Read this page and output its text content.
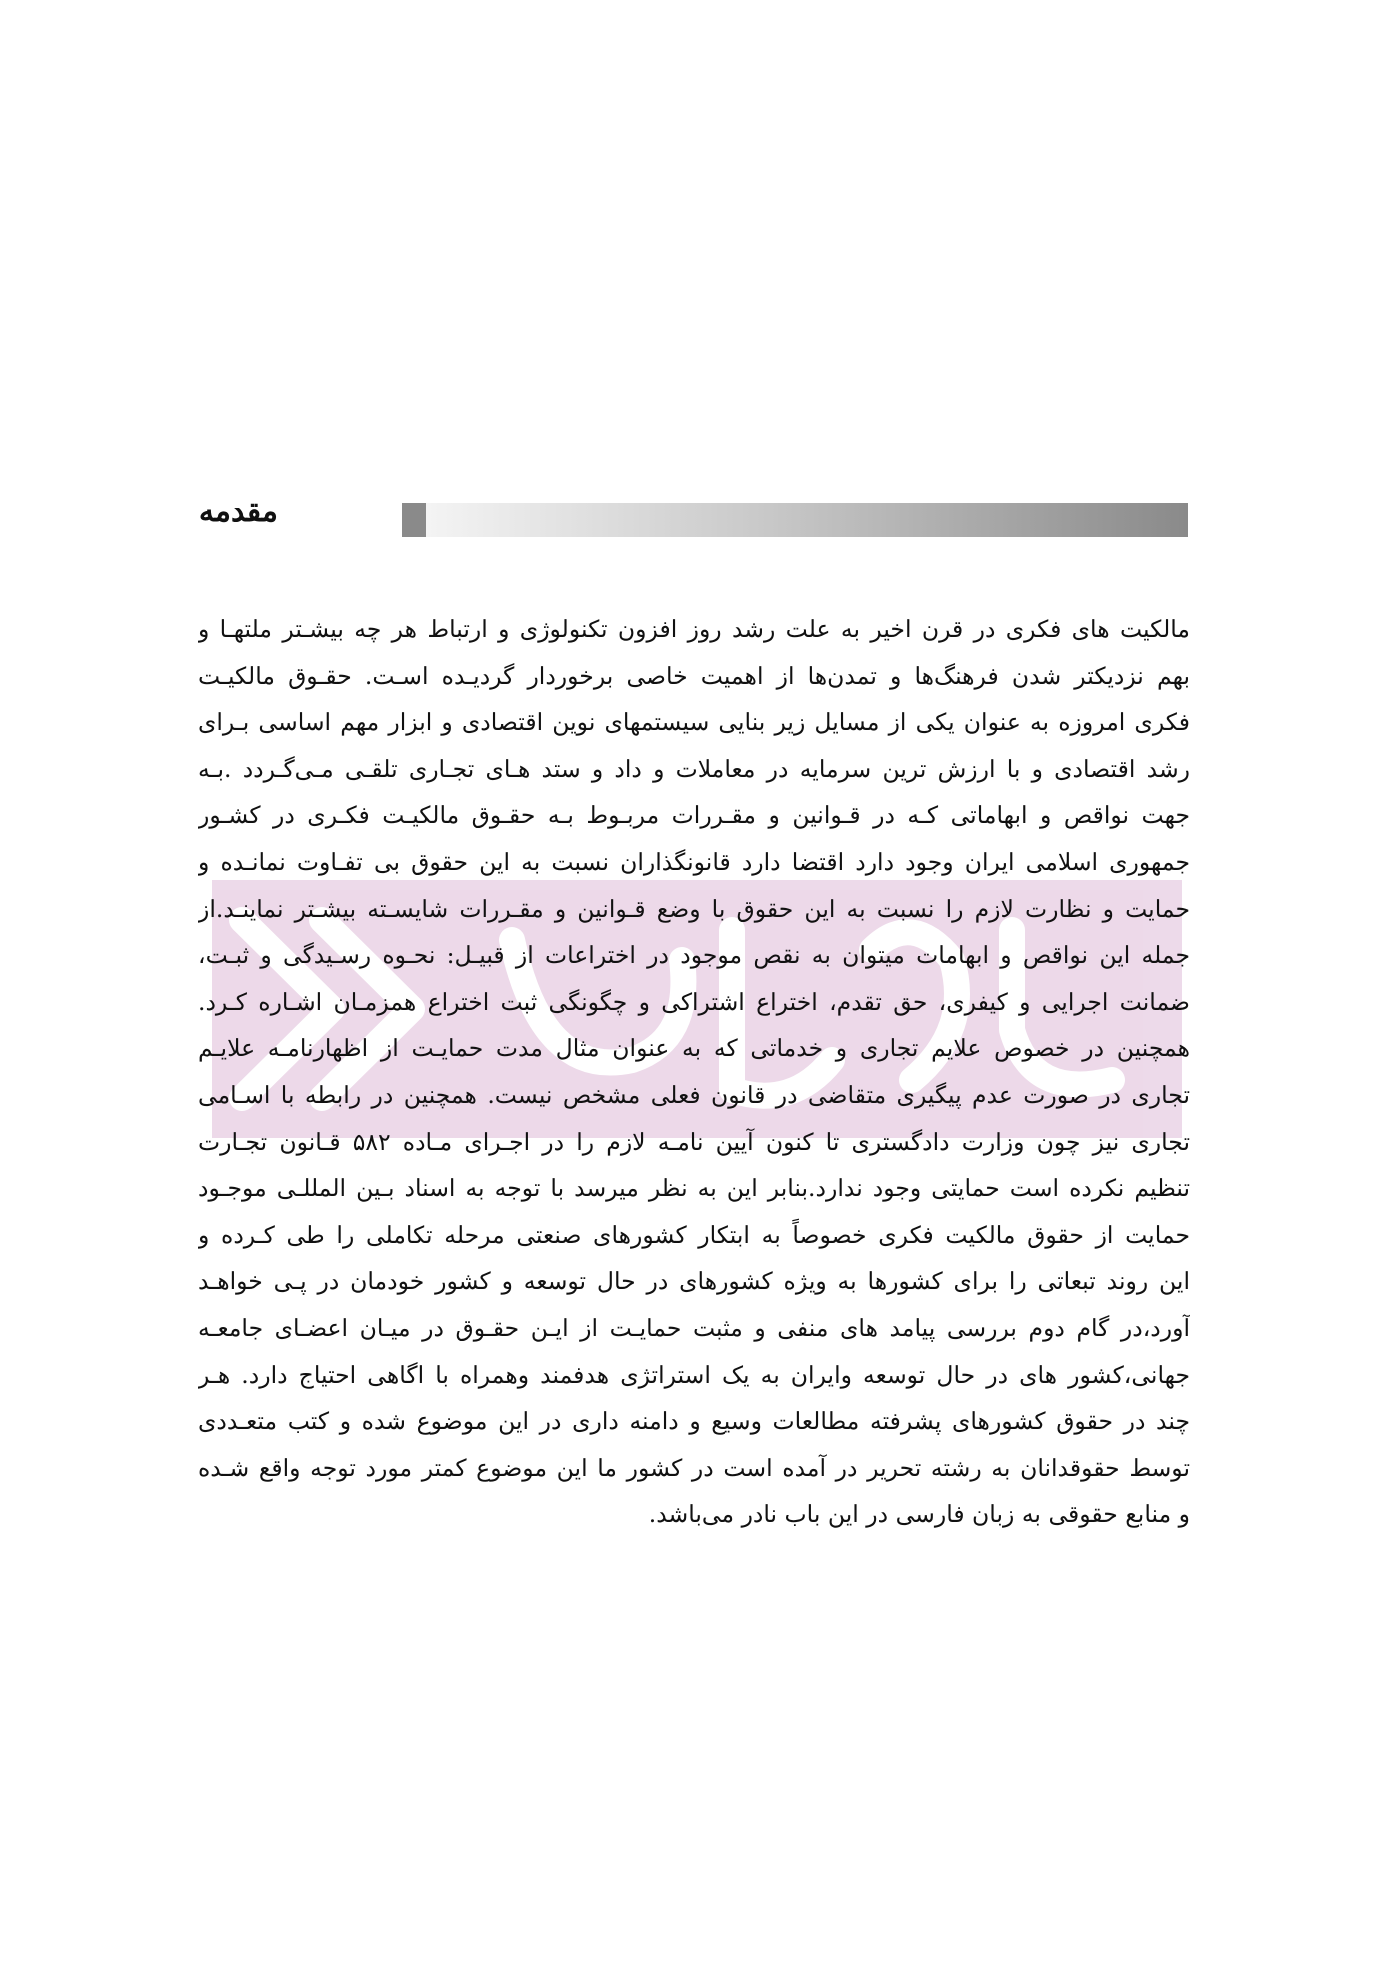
مقدمه

مالکیت های فکری در قرن اخیر به علت رشد روز افزون تکنولوژی و ارتباط هر چه بیشـتر ملتهـا و
بهم نزدیکتر شدن فرهنگ‌ها و تمدن‌ها از اهمیت خاصی برخوردار گردیـده اسـت. حقـوق مالکیـت
فکری امروزه به عنوان یکی از مسایل زیر بنایی سیستمهای نوین اقتصادی و ابزار مهم اساسی بـرای
رشد اقتصادی و با ارزش ترین سرمایه در معاملات و داد و ستد هـای تجـاری تلقـی مـی‌گـردد .بـه
جهت نواقص و ابهاماتی کـه در قـوانین و مقـررات مربـوط بـه حقـوق مالکیـت فکـری در کشـور
جمهوری اسلامی ایران وجود دارد اقتضا دارد قانونگذاران نسبت به این حقوق بی تفـاوت نمانـده و
حمایت و نظارت لازم را نسبت به این حقوق با وضع قـوانین و مقـررات شایسـته بیشـتر نماینـد.از
جمله این نواقص و ابهامات میتوان به نقص موجود در اختراعات از قبیـل: نحـوه رسـیدگی و ثبـت،
ضمانت اجرایی و کیفری، حق تقدم، اختراع اشتراکی و چگونگی ثبت اختراع همزمـان اشـاره کـرد.
همچنین در خصوص علایم تجاری و خدماتی که به عنوان مثال مدت حمایـت از اظهارنامـه علایـم
تجاری در صورت عدم پیگیری متقاضی در قانون فعلی مشخص نیست. همچنین در رابطه با اسـامی
تجاری نیز چون وزارت دادگستری تا کنون آیین نامـه لازم را در اجـرای مـاده ۵۸۲ قـانون تجـارت
تنظیم نکرده است حمایتی وجود ندارد.بنابر این به نظر میرسد با توجه به اسناد بـین المللـی موجـود
حمایت از حقوق مالکیت فکری خصوصاً به ابتکار کشورهای صنعتی مرحله تکاملی را طی کـرده و
این روند تبعاتی را برای کشورها به ویژه کشورهای در حال توسعه و کشور خودمان در پـی خواهـد
آورد،در گام دوم بررسی پیامد های منفی و مثبت حمایـت از ایـن حقـوق در میـان اعضـای جامعـه
جهانی،کشور های در حال توسعه وایران به یک استراتژی هدفمند وهمراه با اگاهی احتیاج دارد. هـر
چند در حقوق کشورهای پشرفته مطالعات وسیع و دامنه داری در این موضوع شده و کتب متعـددی
توسط حقوقدانان به رشته تحریر در آمده است در کشور ما این موضوع کمتر مورد توجه واقع شـده
و منابع حقوقی به زبان فارسی در این باب نادر می‌باشد.
